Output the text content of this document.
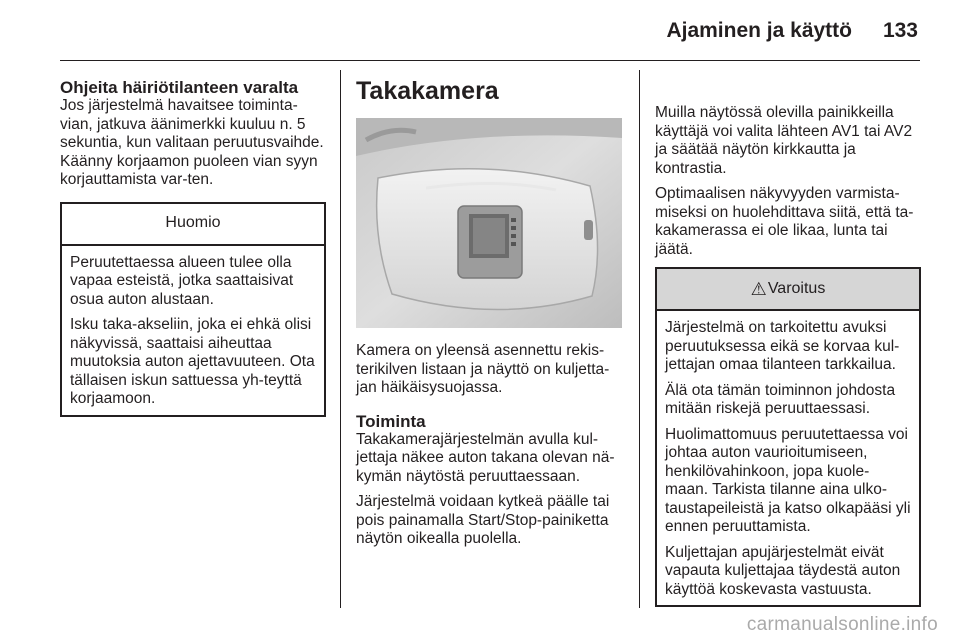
Ajaminen ja käyttö 133
Ohjeita häiriötilanteen varalta

Jos järjestelmä havaitsee toiminta-vian, jatkuva äänimerkki kuuluu n. 5 sekuntia, kun valitaan peruutusvaihde. Käänny korjaamon puoleen vian syyn korjauttamista var-ten.

Huomio

Peruutettaessa alueen tulee olla vapaa esteistä, jotka saattaisivat osua auton alustaan.

Isku taka-akseliin, joka ei ehkä olisi näkyvissä, saattaisi aiheuttaa muutoksia auton ajettavuuteen. Ota tällaisen iskun sattuessa yh-teyttä korjaamoon.

Takakamera

Kamera on yleensä asennettu rekis-terikilven listaan ja näyttö on kuljetta-jan häikäisysuojassa.

Toiminta

Takakamerajärjestelmän avulla kul-jettaja näkee auton takana olevan nä-kymän näytöstä peruuttaessaan.

Järjestelmä voidaan kytkeä päälle tai pois painamalla Start/Stop-painiketta näytön oikealla puolella.

Muilla näytössä olevilla painikkeilla käyttäjä voi valita lähteen AV1 tai AV2 ja säätää näytön kirkkautta ja kontrastia.

Optimaalisen näkyvyyden varmista-miseksi on huolehdittava siitä, että ta-kakamerassa ei ole likaa, lunta tai jäätä.

⚠ Varoitus

Järjestelmä on tarkoitettu avuksi peruutuksessa eikä se korvaa kul-jettajan omaa tilanteen tarkkailua.

Älä ota tämän toiminnon johdosta mitään riskejä peruuttaessasi.

Huolimattomuus peruutettaessa voi johtaa auton vaurioitumiseen, henkilövahinkoon, jopa kuole-maan. Tarkista tilanne aina ulko-taustapeileistä ja katso olkapääsi yli ennen peruuttamista.

Kuljettajan apujärjestelmät eivät vapauta kuljettajaa täydestä auton käyttöä koskevasta vastuusta.

carmanualsonline.info
